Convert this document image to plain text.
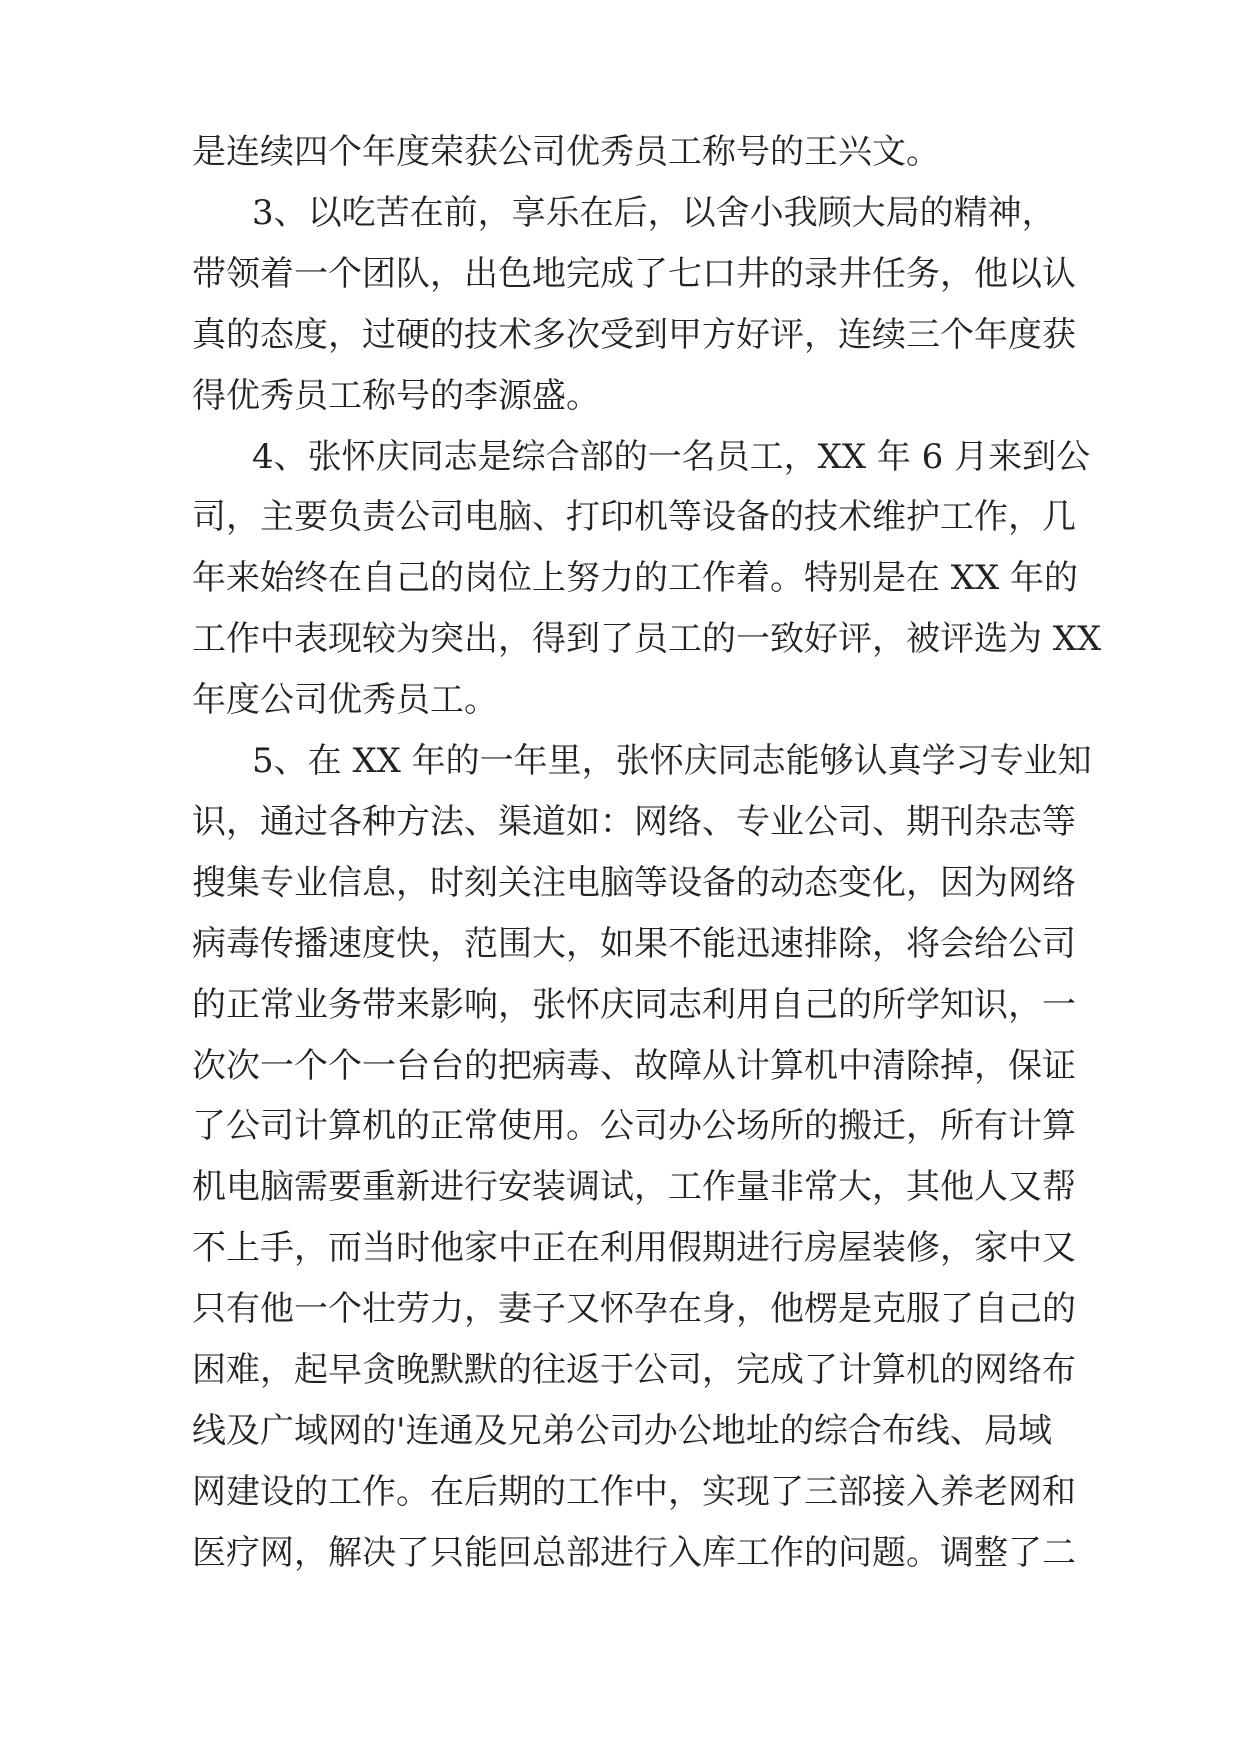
是连续四个年度荣获公司优秀员工称号的王兴文。
3、以吃苦在前，享乐在后，以舍小我顾大局的精神，
带领着一个团队，出色地完成了七口井的录井任务，他以认
真的态度，过硬的技术多次受到甲方好评，连续三个年度获
得优秀员工称号的李源盛。
4、张怀庆同志是综合部的一名员工，XX 年 6 月来到公
司，主要负责公司电脑、打印机等设备的技术维护工作，几
年来始终在自己的岗位上努力的工作着。特别是在 XX 年的
工作中表现较为突出，得到了员工的一致好评，被评选为 XX
年度公司优秀员工。
5、在 XX 年的一年里，张怀庆同志能够认真学习专业知
识，通过各种方法、渠道如：网络、专业公司、期刊杂志等
搜集专业信息，时刻关注电脑等设备的动态变化，因为网络
病毒传播速度快，范围大，如果不能迅速排除，将会给公司
的正常业务带来影响，张怀庆同志利用自己的所学知识，一
次次一个个一台台的把病毒、故障从计算机中清除掉，保证
了公司计算机的正常使用。公司办公场所的搬迁，所有计算
机电脑需要重新进行安装调试，工作量非常大，其他人又帮
不上手，而当时他家中正在利用假期进行房屋装修，家中又
只有他一个壮劳力，妻子又怀孕在身，他楞是克服了自己的
困难，起早贪晚默默的往返于公司，完成了计算机的网络布
线及广域网的'连通及兄弟公司办公地址的综合布线、局域
网建设的工作。在后期的工作中，实现了三部接入养老网和
医疗网，解决了只能回总部进行入库工作的问题。调整了二
